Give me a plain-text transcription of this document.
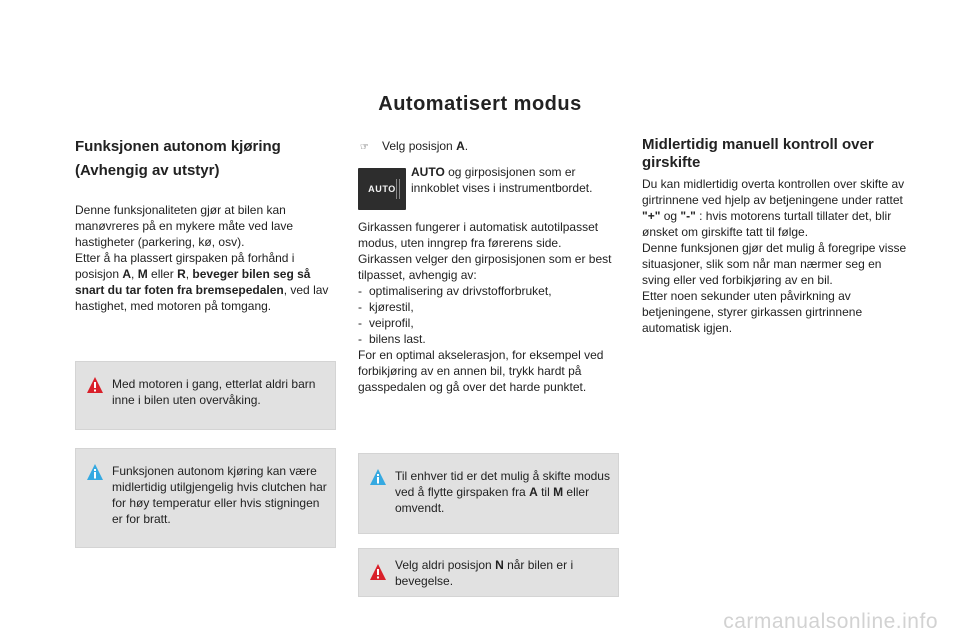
Automatisert modus
Funksjonen autonom kjøring
(Avhengig av utstyr)

Denne funksjonaliteten gjør at bilen kan manøvreres på en mykere måte ved lave hastigheter (parkering, kø, osv).

Etter å ha plassert girspaken på forhånd i posisjon A, M eller R, beveger bilen seg så snart du tar foten fra bremsepedalen, ved lav hastighet, med motoren på tomgang.

Med motoren i gang, etterlat aldri barn inne i bilen uten overvåking.
Funksjonen autonom kjøring kan være midlertidig utilgjengelig hvis clutchen har for høy temperatur eller hvis stigningen er for bratt.
☞ Velg posisjon A.
AUTO
AUTO og girposisjonen som er innkoblet vises i instrumentbordet.

Girkassen fungerer i automatisk autotilpasset modus, uten inngrep fra førerens side.

Girkassen velger den girposisjonen som er best tilpasset, avhengig av:

- optimalisering av drivstofforbruket,
- kjørestil,
- veiprofil,
- bilens last.

For en optimal akselerasjon, for eksempel ved forbikjøring av en annen bil, trykk hardt på gasspedalen og gå over det harde punktet.

Til enhver tid er det mulig å skifte modus ved å flytte girspaken fra A til M eller omvendt.
Velg aldri posisjon N når bilen er i bevegelse.
Midlertidig manuell kontroll over
girskifte

Du kan midlertidig overta kontrollen over skifte av girtrinnene ved hjelp av betjeningene under rattet "+" og "-" : hvis motorens turtall tillater det, blir ønsket om girskifte tatt til følge.

Denne funksjonen gjør det mulig å foregripe visse situasjoner, slik som når man nærmer seg en sving eller ved forbikjøring av en bil.

Etter noen sekunder uten påvirkning av betjeningene, styrer girkassen girtrinnene automatisk igjen.

carmanualsonline.info
